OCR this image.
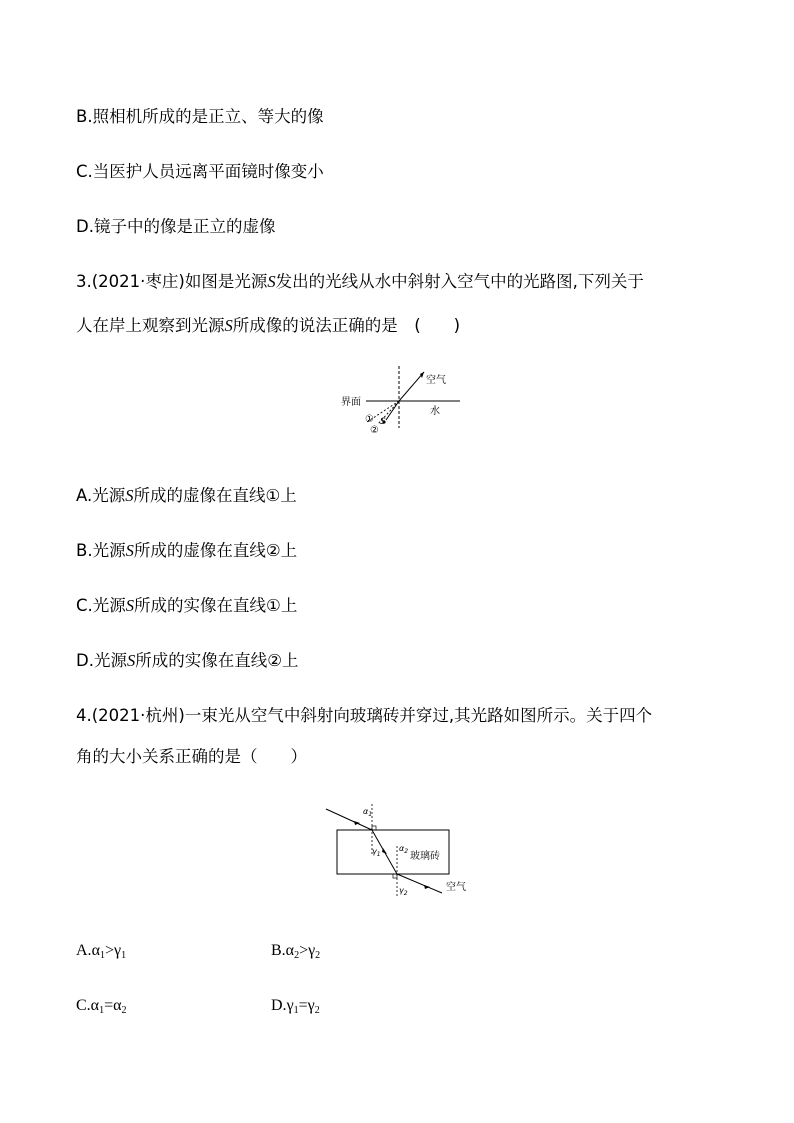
B.照相机所成的是正立、等大的像
C.当医护人员远离平面镜时像变小
D.镜子中的像是正立的虚像
3.(2021·枣庄)如图是光源S发出的光线从水中斜射入空气中的光路图,下列关于
人在岸上观察到光源S所成像的说法正确的是　(　　)
空气
界面
水
①
②
S
A.光源S所成的虚像在直线①上
B.光源S所成的虚像在直线②上
C.光源S所成的实像在直线①上
D.光源S所成的实像在直线②上
4.(2021·杭州)一束光从空气中斜射向玻璃砖并穿过,其光路如图所示。关于四个
角的大小关系正确的是（　　）
$\alpha_1$
$\gamma_1$
$\alpha_2$
$\gamma_2$
玻璃砖
空气
$A.\alpha_1>\gamma_1$	$B.\alpha_2>\gamma_2$
$C.\alpha_1=\alpha_2$	$D.\gamma_1=\gamma_2$
